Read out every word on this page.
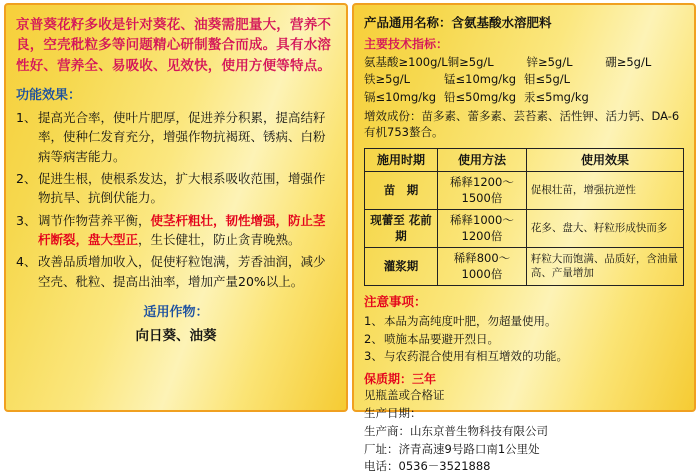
京普葵花籽多收是针对葵花、油葵需肥量大，营养不良，空壳秕粒多等问题精心研制螯合而成。具有水溶性好、营养全、易吸收、见效快，使用方便等特点。
功能效果：
1、 提高光合率，使叶片肥厚，促进养分积累，提高结籽率，使种仁发育充分，增强作物抗褐斑、锈病、白粉病等病害能力。
2、 促进生根，使根系发达，扩大根系吸收范围，增强作物抗旱、抗倒伏能力。
3、 调节作物营养平衡，使茎杆粗壮，韧性增强，防止茎杆断裂，盘大型正，生长健壮，防止贪青晚熟。
4、 改善品质增加收入，促使籽粒饱满，芳香油润，减少空壳、秕粒、提高出油率，增加产量20%以上。
适用作物：
向日葵、油葵
产品通用名称：含氨基酸水溶肥料
主要技术指标：
氨基酸≥100g/L 铜≥5g/L	锌≥5g/L	硼≥5g/L
铁≥5g/L	锰≤10mg/kg 钼≤5g/L
镉≤10mg/kg 铅≤50mg/kg 汞≤5mg/kg
增效成份：苗多素、蕾多素、芸苔素、活性钾、活力钙、DA-6有机753螯合。
施用时期	使用方法	使用效果
苗　期	稀释1200～1500倍	促根壮苗，增强抗逆性
现蕾至 花前期	稀释1000～1200倍	花多、盘大、籽粒形成快而多
灌浆期	稀释800～1000倍	籽粒大而饱满、品质好，含油量高、产量增加
注意事项：
1、 本品为高纯度叶肥，勿超量使用。
2、 喷施本品要避开烈日。
3、 与农药混合使用有相互增效的功能。
保质期：三年
见瓶盖或合格证
生产日期：
生产商：山东京普生物科技有限公司
厂址：济青高速9号路口南1公里处
电话：0536－3521888
